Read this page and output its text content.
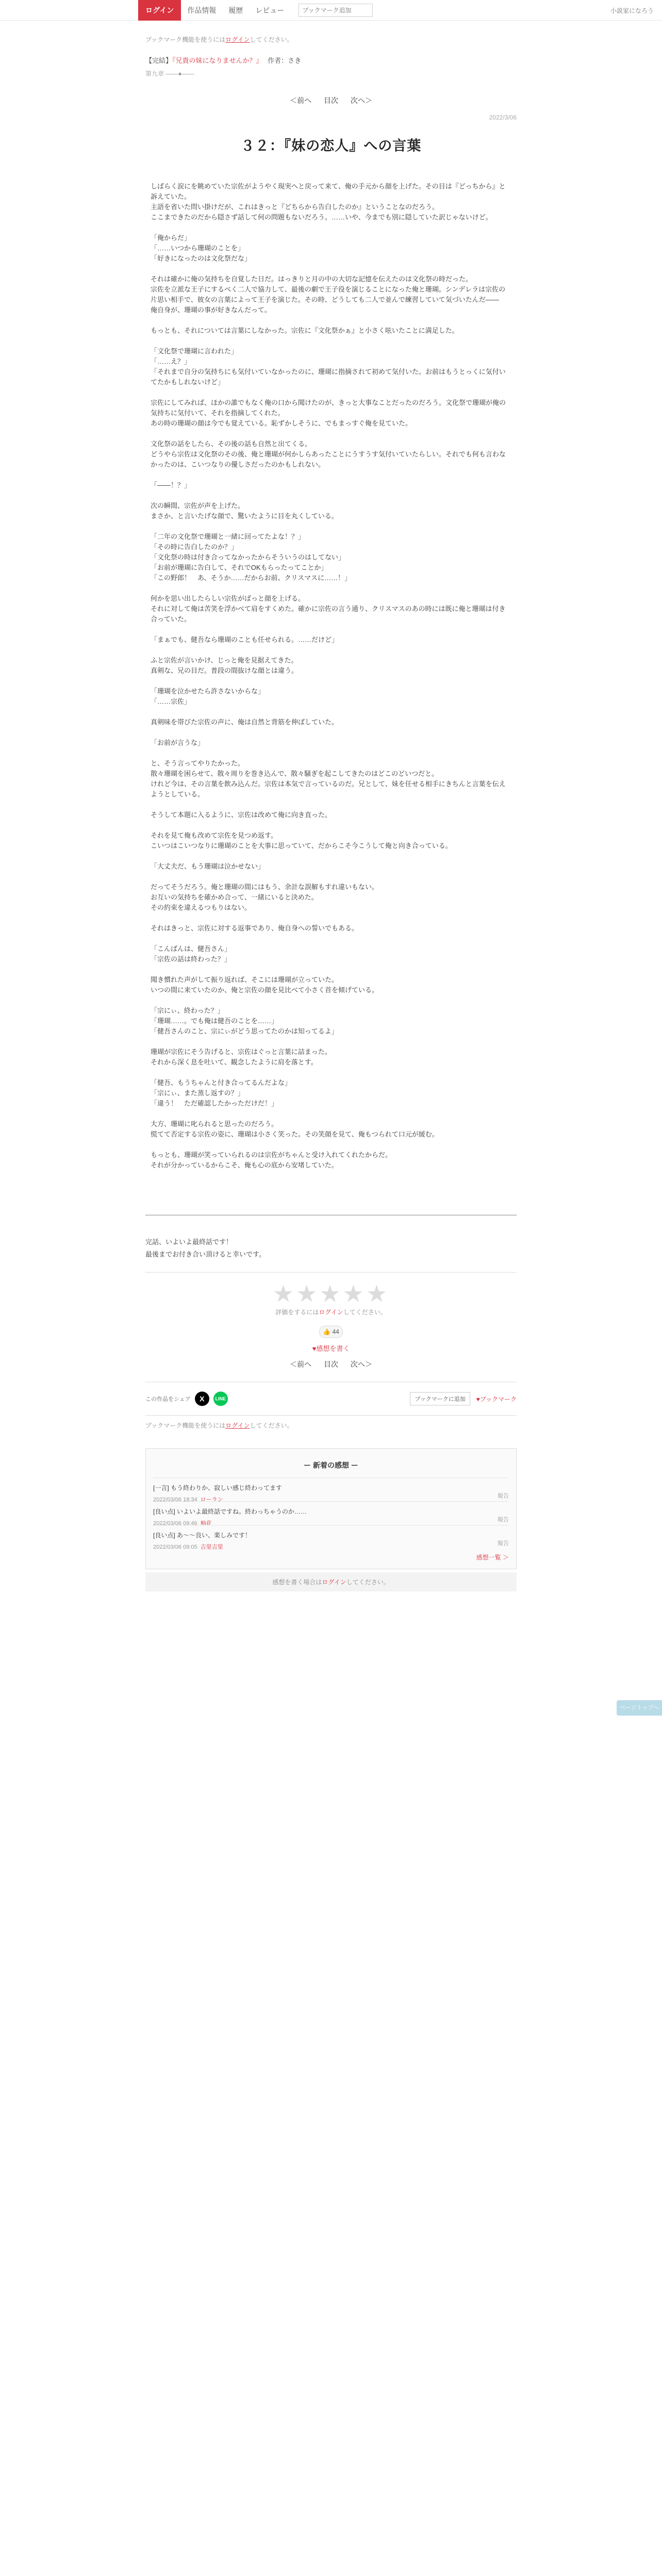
ログイン	作品情報	履歴	レビュー
ブックマーク追加	小説家になろう
ブックマーク機能を使うにはログインしてください。
【完結】『兄貴の妹になりませんか？』 作者：さき
第九章 ――●――
＜前へ 目次 次へ＞
2022/3/06
３２：『妹の恋人』への言葉

しばらく涙にを眺めていた宗佐がようやく現実へと戻って来て、俺の手元から顔を上げた。その目は『どっちから』と訴えていた。

主語を省いた問い掛けだが、これはきっと『どちらから告白したのか』ということなのだろう。

ここまできたのだから隠さず話して何の問題もないだろう。……いや、今までも別に隠していた訳じゃないけど。

「俺からだ」

「……いつから珊瑚のことを」

「好きになったのは文化祭だな」

それは確かに俺の気持ちを自覚した日だ。はっきりと月の中の大切な記憶を伝えたのは文化祭の時だった。

宗佐を立派な王子にするべく二人で協力して、最後の劇で王子役を演じることになった俺と珊瑚。シンデレラは宗佐の片思い相手で、彼女の言葉によって王子を演じた。その時、どうしても二人で並んで練習していて気づいたんだ――

俺自身が、珊瑚の事が好きなんだって。

もっとも、それについては言葉にしなかった。宗佐に『文化祭かぁ』と小さく呟いたことに満足した。

「文化祭で珊瑚に言われた」

「……え？」

「それまで自分の気持ちにも気付いていなかったのに、珊瑚に指摘されて初めて気付いた。お前はもうとっくに気付いてたかもしれないけど」

宗佐にしてみれば、ほかの誰でもなく俺の口から聞けたのが、きっと大事なことだったのだろう。文化祭で珊瑚が俺の気持ちに気付いて、それを指摘してくれた。

あの時の珊瑚の顔は今でも覚えている。恥ずかしそうに、でもまっすぐ俺を見ていた。

文化祭の話をしたら、その後の話も自然と出てくる。

どうやら宗佐は文化祭のその後、俺と珊瑚が何かしらあったことにうすうす気付いていたらしい。それでも何も言わなかったのは、こいつなりの優しさだったのかもしれない。

「――！？」

次の瞬間、宗佐が声を上げた。

まさか、と言いたげな顔で、驚いたように目を丸くしている。

「二年の文化祭で珊瑚と一緒に回ってたよな！？」

「その時に告白したのか？」

「文化祭の時は付き合ってなかったからそういうのはしてない」

「お前が珊瑚に告白して、それでOKもらったってことか」

「この野郎！　あ、そうか……だからお前、クリスマスに……！」

何かを思い出したらしい宗佐がばっと顔を上げる。

それに対して俺は苦笑を浮かべて肩をすくめた。確かに宗佐の言う通り、クリスマスのあの時には既に俺と珊瑚は付き合っていた。

「まぁでも、健吾なら珊瑚のことも任せられる。……だけど」

ふと宗佐が言いかけ、じっと俺を見据えてきた。

真剣な、兄の目だ。普段の間抜けな顔とは違う。

「珊瑚を泣かせたら許さないからな」

「……宗佐」

真剣味を帯びた宗佐の声に、俺は自然と背筋を伸ばしていた。

「お前が言うな」

と、そう言ってやりたかった。

散々珊瑚を困らせて、散々周りを巻き込んで、散々騒ぎを起こしてきたのはどこのどいつだと。

けれど今は、その言葉を飲み込んだ。宗佐は本気で言っているのだ。兄として、妹を任せる相手にきちんと言葉を伝えようとしている。

そうして本題に入るように、宗佐は改めて俺に向き直った。

それを見て俺も改めて宗佐を見つめ返す。

こいつはこいつなりに珊瑚のことを大事に思っていて、だからこそ今こうして俺と向き合っている。

「大丈夫だ、もう珊瑚は泣かせない」

だってそうだろう。俺と珊瑚の間にはもう、余計な誤解もすれ違いもない。

お互いの気持ちを確かめ合って、一緒にいると決めた。

その約束を違えるつもりはない。

それはきっと、宗佐に対する返事であり、俺自身への誓いでもある。

「こんばんは、健吾さん」

「宗佐の話は終わった？」

聞き慣れた声がして振り返れば、そこには珊瑚が立っていた。

いつの間に来ていたのか、俺と宗佐の顔を見比べて小さく首を傾げている。

「宗にぃ、終わった？」

「珊瑚……。でも俺は健吾のことを……」

「健吾さんのこと、宗にぃがどう思ってたのかは知ってるよ」

珊瑚が宗佐にそう告げると、宗佐はぐっと言葉に詰まった。

それから深く息を吐いて、観念したように肩を落とす。

「健吾、もうちゃんと付き合ってるんだよな」

「宗にぃ、また蒸し返すの？」

「違う！　ただ確認したかっただけだ！」

大方、珊瑚に叱られると思ったのだろう。

慌てて否定する宗佐の姿に、珊瑚は小さく笑った。その笑顔を見て、俺もつられて口元が緩む。

もっとも、珊瑚が笑っていられるのは宗佐がちゃんと受け入れてくれたからだ。

それが分かっているからこそ、俺も心の底から安堵していた。

完話、いよいよ最終話です！
最後までお付き合い頂けると幸いです。
★★★★★
評価をするにはログインしてください。
👍 44
♥感想を書く
＜前へ 目次 次へ＞
この作品をシェア	X	LINE	ブックマークに追加	♥ブックマーク
ブックマーク機能を使うにはログインしてください。
ー 新着の感想 ー
[一言] もう終わりか、寂しい感じ終わってます
2022/03/06 18:34 ローラン
報告
[良い点] いよいよ最終話ですね。終わっちゃうのか……
2022/03/06 09:46 柚花
報告
[良い点] あ〜〜良い、楽しみです！
2022/03/06 09:05 吉里吉里
報告
感想一覧 ＞
感想を書く場合はログインしてください。
ページトップへ
